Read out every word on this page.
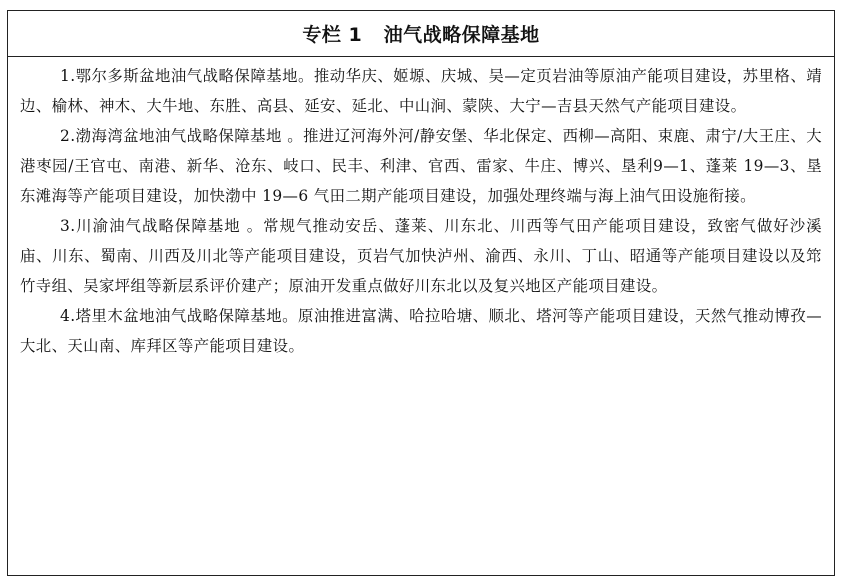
专栏 1   油气战略保障基地

1.鄂尔多斯盆地油气战略保障基地。推动华庆、姬塬、庆城、吴—定页岩油等原油产能项目建设，苏里格、靖边、榆林、神木、大牛地、东胜、高县、延安、延北、中山涧、蒙陕、大宁—吉县天然气产能项目建设。

2.渤海湾盆地油气战略保障基地 。推进辽河海外河/静安堡、华北保定、西柳—高阳、束鹿、肃宁/大王庄、大港枣园/王官屯、南港、新华、沧东、岐口、民丰、利津、官西、雷家、牛庄、博兴、垦利9—1、蓬莱 19—3、垦东滩海等产能项目建设，加快渤中 19—6 气田二期产能项目建设，加强处理终端与海上油气田设施衔接。

3.川渝油气战略保障基地 。常规气推动安岳、蓬莱、川东北、川西等气田产能项目建设，致密气做好沙溪庙、川东、蜀南、川西及川北等产能项目建设，页岩气加快泸州、渝西、永川、丁山、昭通等产能项目建设以及筇竹寺组、吴家坪组等新层系评价建产；原油开发重点做好川东北以及复兴地区产能项目建设。

4.塔里木盆地油气战略保障基地。原油推进富满、哈拉哈塘、顺北、塔河等产能项目建设，天然气推动博孜—大北、天山南、库拜区等产能项目建设。
